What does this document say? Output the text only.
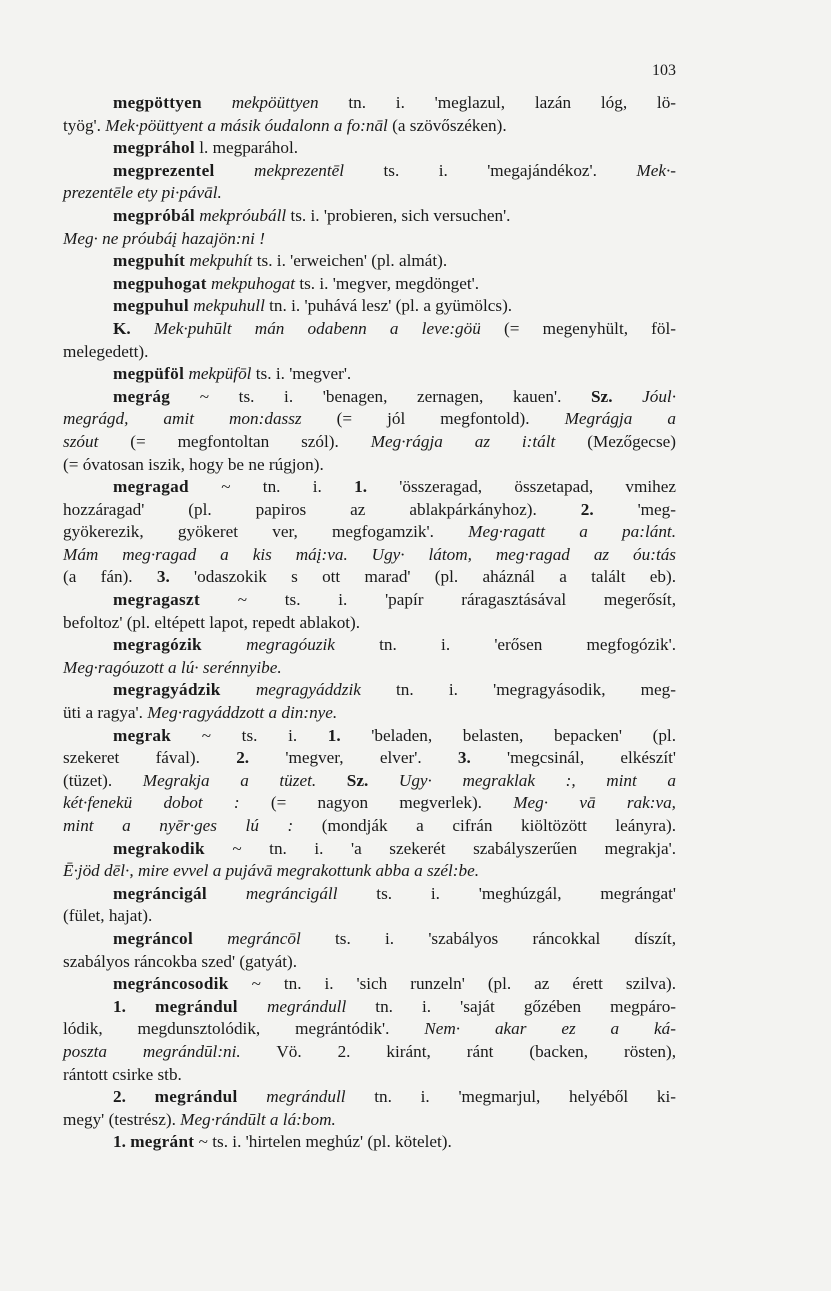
103
megpöttyen mekpöüttyen tn. i. 'meglazul, lazán lóg, lö-
työg'. Mek·pöüttyent a másik óudalonn a fo:nāl (a szövőszéken).
megpráhol l. megparáhol.
megprezentel mekprezentēl ts. i. 'megajándékoz'. Mek·-
prezentēle ety pi·pávāl.
megpróbál mekpróubáll ts. i. 'probieren, sich versuchen'.
Meg· ne próubáį hazajön:ni !
megpuhít mekpuhít ts. i. 'erweichen' (pl. almát).
megpuhogat mekpuhogat ts. i. 'megver, megdönget'.
megpuhul mekpuhull tn. i. 'puhává lesz' (pl. a gyümölcs).
K. Mek·puhūlt mán odabenn a leve:göü (= megenyhült, föl-
melegedett).
megpüföl mekpüfōl ts. i. 'megver'.
megrág ~ ts. i. 'benagen, zernagen, kauen'. Sz. Jóul·
megrágd, amit mon:dassz (= jól megfontold). Megrágja a
szóut (= megfontoltan szól). Meg·rágja az i:tált (Mezőgecse)
(= óvatosan iszik, hogy be ne rúgjon).
megragad ~ tn. i. 1. 'összeragad, összetapad, vmihez
hozzáragad' (pl. papiros az ablakpárkányhoz). 2. 'meg-
gyökerezik, gyökeret ver, megfogamzik'. Meg·ragatt a pa:lánt.
Mám meg·ragad a kis máį:va. Ugy· látom, meg·ragad az óu:tás
(a fán). 3. 'odaszokik s ott marad' (pl. aháznál a talált eb).
megragaszt ~ ts. i. 'papír ráragasztásával megerősít,
befoltoz' (pl. eltépett lapot, repedt ablakot).
megragózik	megragóuzik tn. i. 'erősen megfogózik'.
Meg·ragóuzott a lú· serénnyibe.
megragyádzik megragyáddzik tn. i. 'megragyásodik, meg-
üti a ragya'. Meg·ragyáddzott a din:nye.
megrak ~ ts. i. 1. 'beladen, belasten, bepacken' (pl.
szekeret fával). 2. 'megver, elver'. 3. 'megcsinál, elkészít'
(tüzet). Megrakja a tüzet. Sz. Ugy· megraklak :, mint a
két·fenekü dobot : (= nagyon megverlek). Meg· vā rak:va,
mint a nyēr·ges lú : (mondják a cifrán kiöltözött leányra).
megrakodik ~ tn. i. 'a szekerét szabályszerűen megrakja'.
Ē·jöd dēl·, mire evvel a pujávā megrakottunk abba a szél:be.
megráncigál megráncigáll ts. i. 'meghúzgál, megrángat'
(fület, hajat).
megráncol megráncōl ts. i. 'szabályos ráncokkal díszít,
szabályos ráncokba szed' (gatyát).
megráncosodik ~ tn. i. 'sich runzeln' (pl. az érett szilva).
1. megrándul megrándull tn. i. 'saját gőzében megpáro-
lódik, megdunsztolódik, megrántódik'. Nem· akar ez a ká-
poszta megrándūl:ni. Vö. 2. kiránt, ránt (backen, rösten),
rántott csirke stb.
2. megrándul megrándull tn. i. 'megmarjul, helyéből ki-
megy' (testrész). Meg·rándūlt a lá:bom.
1. megránt ~ ts. i. 'hirtelen meghúz' (pl. kötelet).
